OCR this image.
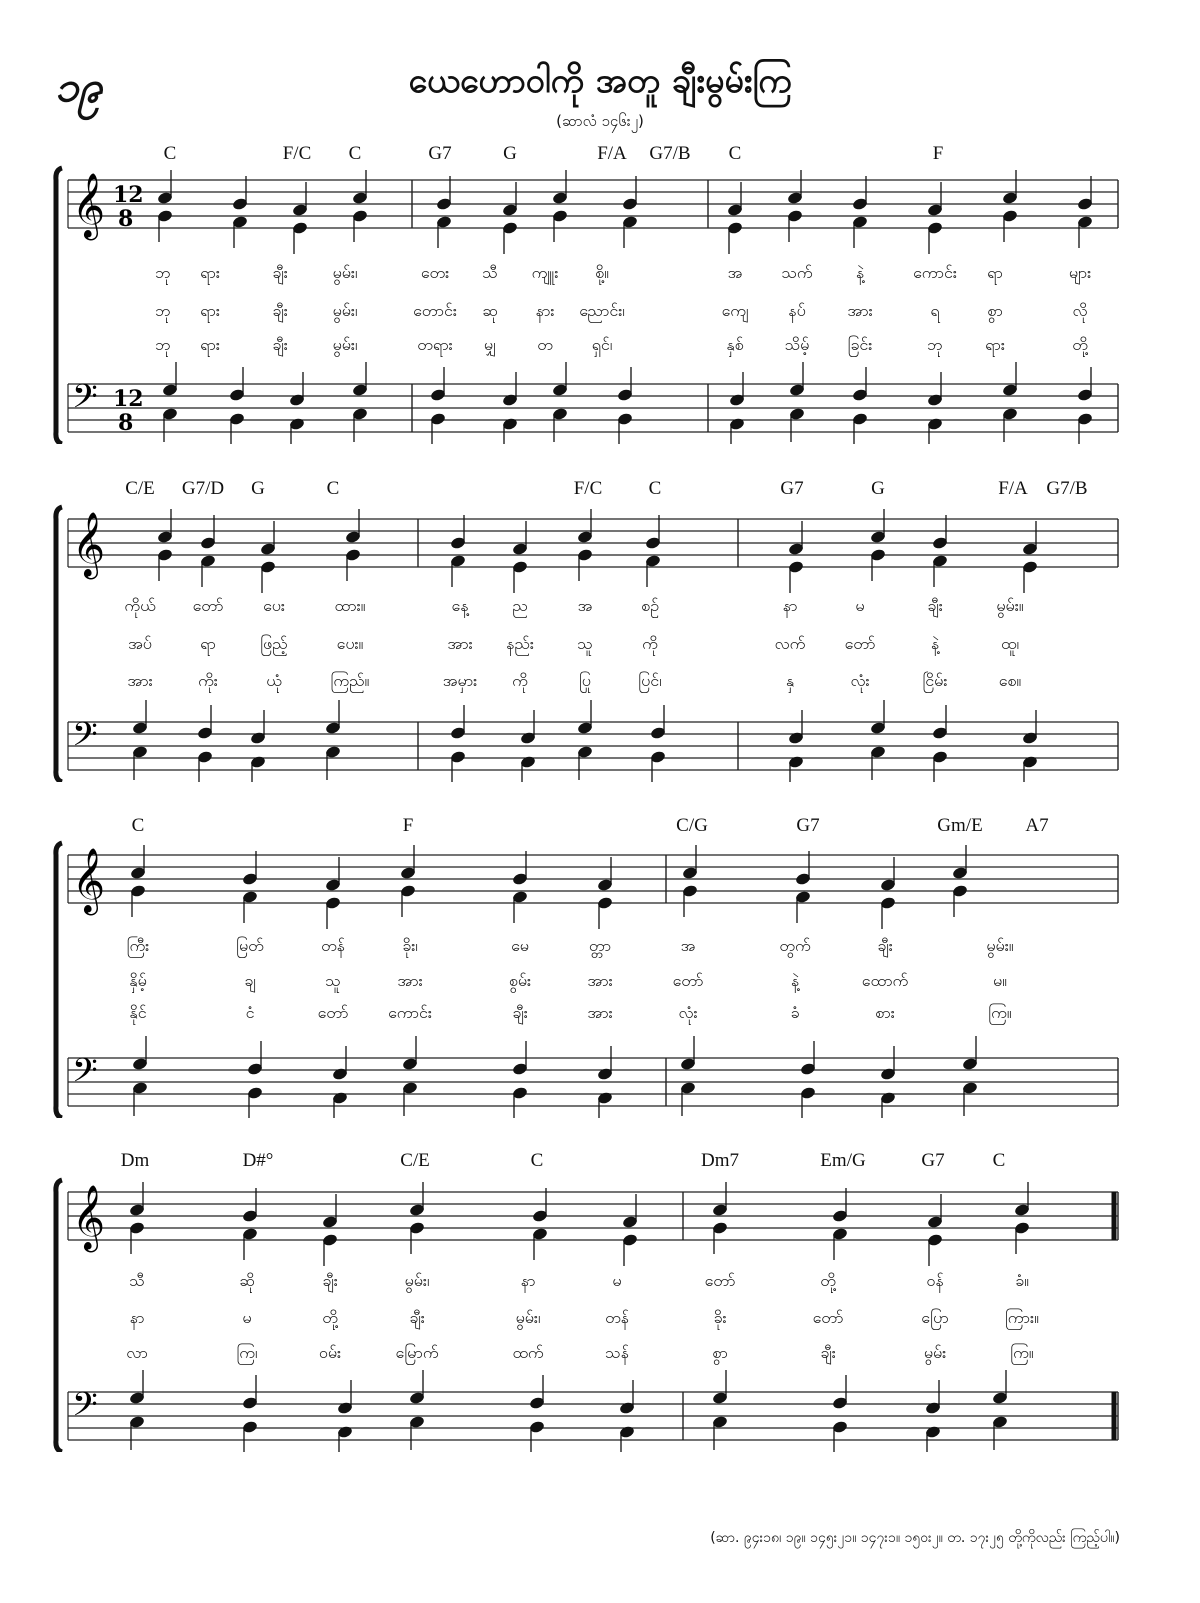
၁၉	ယေဟောဝါကို အတူ ချီးမွမ်းကြ
(ဆာလံ ၁၄၆း၂)
𝄞 12
8
𝄢 12
8
C	F/C C	G7	G	F/A G7/B C	F
ဘု ရား	ချီး	မွမ်း၊	တေး သီ ကျူး စို့။	အ သက်	နဲ့	ကောင်း ရာ	များ
ဘု ရား	ချီး	မွမ်း၊	တောင်း ဆု နား ညောင်း၊	ကျေ နပ်	အား	ရ	စွာ	လို
ဘု ရား	ချီး	မွမ်း၊	တရား မျှ	တ ရှင်၊	နှစ်	သိမ့် ခြင်း	ဘု	ရား	တို့
𝄞
𝄢
C/E G7/D G	C	F/C C	G7	G	F/A G7/B
ကိုယ် တော် ပေး	ထား။	နေ့	ည	အ	စဉ်	နာ	မ	ချီး	မွမ်း။
အပ်	ရာ	ဖြည့်	ပေး။	အား နည်း	သူ	ကို	လက် တော်	နဲ့	ထူ၊
အား	ကိုး	ယုံ	ကြည်။	အမှား ကို	ပြု	ပြင်၊	နှ	လုံး	ငြိမ်း	စေ။
𝄞
𝄢
C	F	C/G	G7	Gm/E A7
ကြီး	မြတ်	တန်	ခိုး၊	မေ	တ္တာ	အ	တွက်	ချီး	မွမ်း။
နှိမ့်	ချ	သူ	အား	စွမ်း	အား	တော်	နဲ့	ထောက်	မ။
နိုင်	ငံ	တော် ကောင်း	ချီး	အား	လုံး	ခံ	စား	ကြ။
𝄞
𝄢
Dm	D#°	C/E	C	Dm7	Em/G	G7	C
သီ	ဆို	ချီး	မွမ်း၊	နာ	မ	တော်	တို့	ဝန်	ခံ။
နာ	မ	တို့	ချီး	မွမ်း၊	တန်	ခိုး	တော်	ပြော	ကြား။
လာ	ကြ၊	ဝမ်း	မြောက်	ထက်	သန်	စွာ	ချီး	မွမ်း	ကြ။
(ဆာ. ၉၄း၁၈၊ ၁၉။ ၁၄၅း၂၁။ ၁၄၇း၁။ ၁၅၀း၂။ တ. ၁၇း၂၅ တို့ကိုလည်း ကြည့်ပါ။)
